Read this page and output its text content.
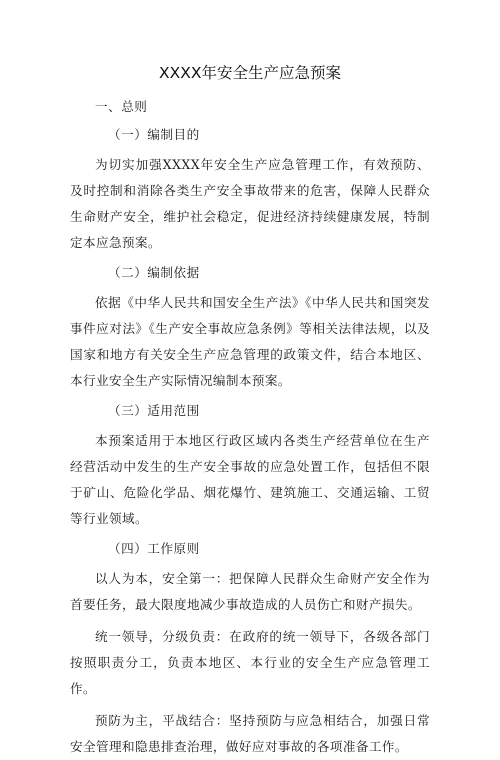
XXXX年安全生产应急预案
一、总则
（一）编制目的

为切实加强XXXX年安全生产应急管理工作，有效预防、及时控制和消除各类生产安全事故带来的危害，保障人民群众生命财产安全，维护社会稳定，促进经济持续健康发展，特制定本应急预案。

（二）编制依据

依据《中华人民共和国安全生产法》《中华人民共和国突发事件应对法》《生产安全事故应急条例》等相关法律法规，以及国家和地方有关安全生产应急管理的政策文件，结合本地区、本行业安全生产实际情况编制本预案。

（三）适用范围

本预案适用于本地区行政区域内各类生产经营单位在生产经营活动中发生的生产安全事故的应急处置工作，包括但不限于矿山、危险化学品、烟花爆竹、建筑施工、交通运输、工贸等行业领域。

（四）工作原则

以人为本，安全第一：把保障人民群众生命财产安全作为首要任务，最大限度地减少事故造成的人员伤亡和财产损失。

统一领导，分级负责：在政府的统一领导下，各级各部门按照职责分工，负责本地区、本行业的安全生产应急管理工作。

预防为主，平战结合：坚持预防与应急相结合，加强日常安全管理和隐患排查治理，做好应对事故的各项准备工作。
